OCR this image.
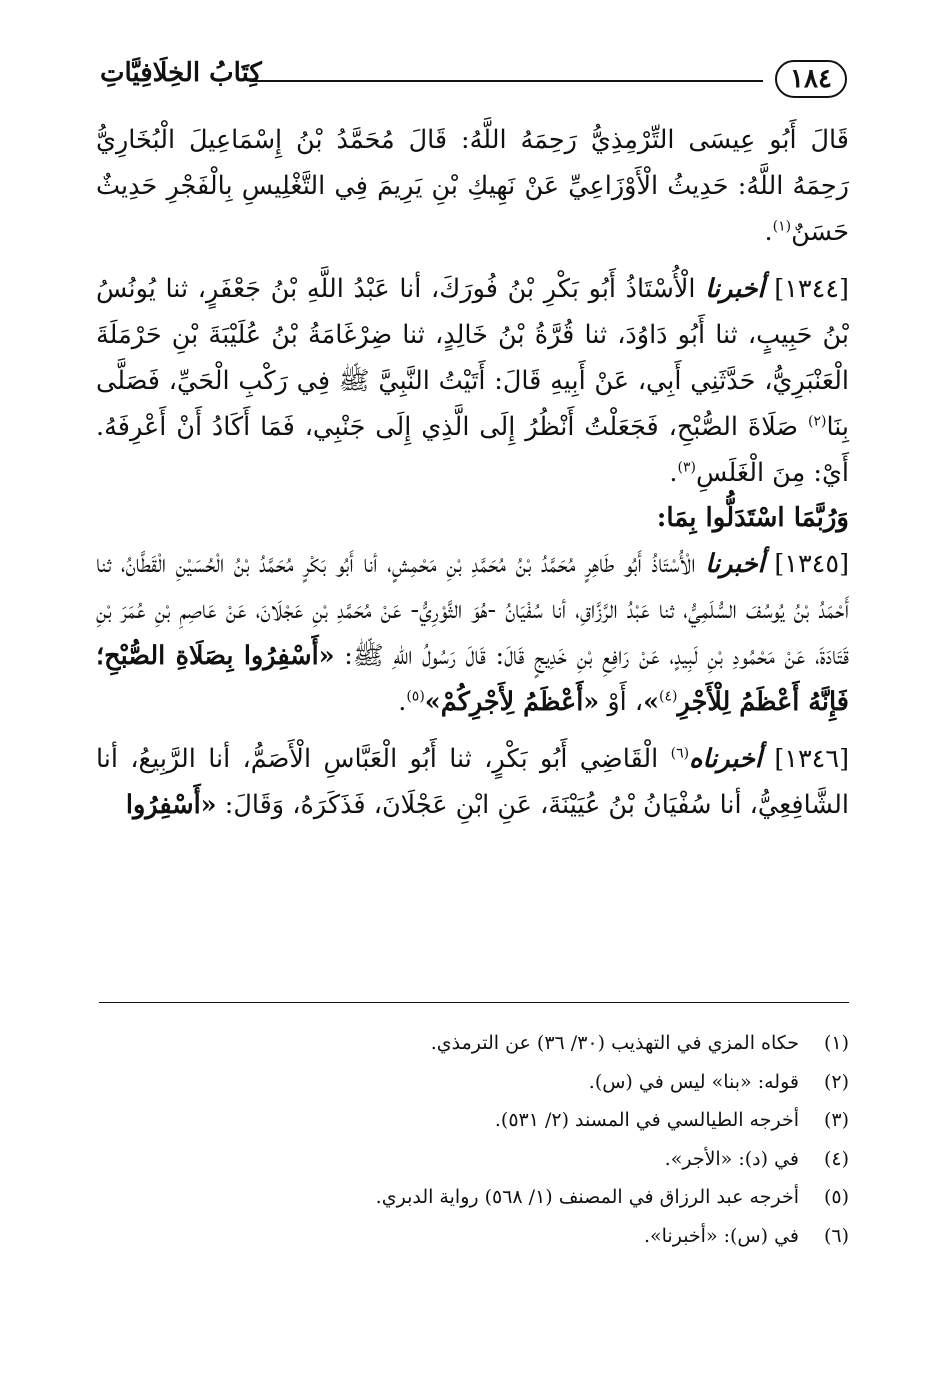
١٨٤
كِتَابُ الخِلَافِيَّاتِ

قَالَ أَبُو عِيسَى التِّرْمِذِيُّ رَحِمَهُ اللَّهُ: قَالَ مُحَمَّدُ بْنُ إِسْمَاعِيلَ الْبُخَارِيُّ رَحِمَهُ اللَّهُ: حَدِيثُ الْأَوْزَاعِيِّ عَنْ نَهِيكِ بْنِ يَرِيمَ فِي التَّغْلِيسِ بِالْفَجْرِ حَدِيثٌ حَسَنٌ$^{(١)}$.

[١٣٤٤] أخبرنا الْأُسْتَاذُ أَبُو بَكْرِ بْنُ فُورَكَ، أنا عَبْدُ اللَّهِ بْنُ جَعْفَرٍ، ثنا يُونُسُ بْنُ حَبِيبٍ، ثنا أَبُو دَاوُدَ، ثنا قُرَّةُ بْنُ خَالِدٍ، ثنا ضِرْغَامَةُ بْنُ عُلَيْبَةَ بْنِ حَرْمَلَةَ الْعَنْبَرِيُّ، حَدَّثَنِي أَبِي، عَنْ أَبِيهِ قَالَ: أَتَيْتُ النَّبِيَّ ﷺ فِي رَكْبِ الْحَيِّ، فَصَلَّى بِنَا$^{(٢)}$ صَلَاةَ الصُّبْحِ، فَجَعَلْتُ أَنْظُرُ إِلَى الَّذِي إِلَى جَنْبِي، فَمَا أَكَادُ أَنْ أَعْرِفَهُ. أَيْ: مِنَ الْغَلَسِ$^{(٣)}$.

وَرُبَّمَا اسْتَدَلُّوا بِمَا:

[١٣٤٥] أخبرنا الْأُسْتَاذُ أَبُو طَاهِرٍ مُحَمَّدُ بْنُ مُحَمَّدِ بْنِ مَحْمِشٍ، أنا أَبُو بَكْرٍ مُحَمَّدُ بْنُ الْحُسَيْنِ الْقَطَّانُ، ثنا أَحْمَدُ بْنُ يُوسُفَ السُّلَمِيُّ، ثنا عَبْدُ الرَّزَّاقِ، أنا سُفْيَانُ -هُوَ الثَّوْرِيُّ- عَنْ مُحَمَّدِ بْنِ عَجْلَانَ، عَنْ عَاصِمِ بْنِ عُمَرَ بْنِ قَتَادَةَ، عَنْ مَحْمُودِ بْنِ لَبِيدٍ، عَنْ رَافِعِ بْنِ خَدِيجٍ قَالَ: قَالَ رَسُولُ اللهِ ﷺ: «أَسْفِرُوا بِصَلَاةِ الصُّبْحِ؛ فَإِنَّهُ أَعْظَمُ لِلْأَجْرِ$^{(٤)}$»، أَوْ «أَعْظَمُ لِأَجْرِكُمْ»$^{(٥)}$.

[١٣٤٦] أخبرناه$^{(٦)}$ الْقَاضِي أَبُو بَكْرٍ، ثنا أَبُو الْعَبَّاسِ الْأَصَمُّ، أنا الرَّبِيعُ، أنا الشَّافِعِيُّ، أنا سُفْيَانُ بْنُ عُيَيْنَةَ، عَنِ ابْنِ عَجْلَانَ، فَذَكَرَهُ، وَقَالَ: «أَسْفِرُوا

(١)
حكاه المزي في التهذيب (٣٠/ ٣٦) عن الترمذي.
(٢)
قوله: «بنا» ليس في (س).
(٣)
أخرجه الطيالسي في المسند (٢/ ٥٣١).
(٤)
في (د): «الأجر».
(٥)
أخرجه عبد الرزاق في المصنف (١/ ٥٦٨) رواية الدبري.
(٦)
في (س): «أخبرنا».
